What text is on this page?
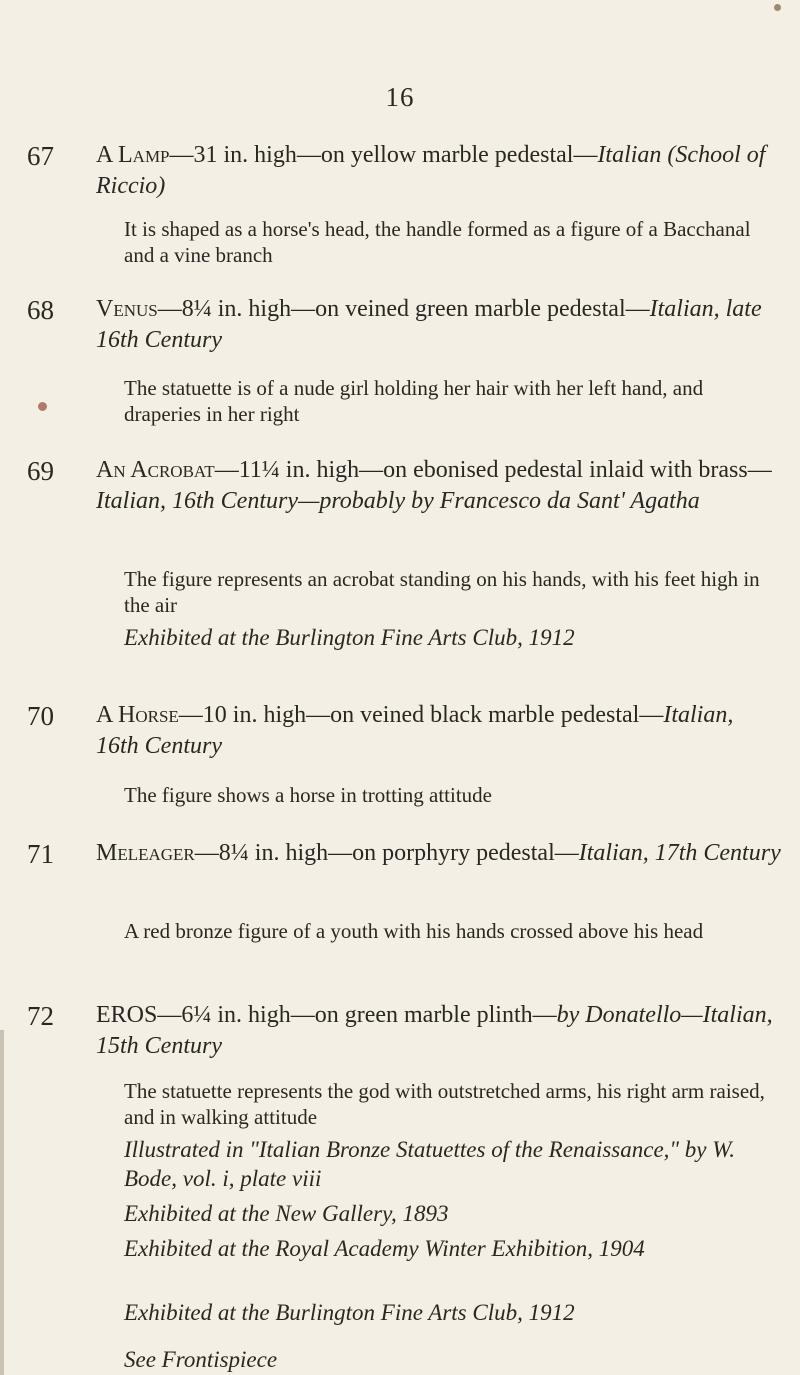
16
67 A Lamp—31 in. high—on yellow marble pedestal—Italian (School of Riccio)
It is shaped as a horse's head, the handle formed as a figure of a Bacchanal and a vine branch
68 Venus—8¼ in. high—on veined green marble pedestal—Italian, late 16th Century
The statuette is of a nude girl holding her hair with her left hand, and draperies in her right
69 An Acrobat—11¼ in. high—on ebonised pedestal inlaid with brass—Italian, 16th Century—probably by Francesco da Sant' Agatha
The figure represents an acrobat standing on his hands, with his feet high in the air
Exhibited at the Burlington Fine Arts Club, 1912
70 A Horse—10 in. high—on veined black marble pedestal—Italian, 16th Century
The figure shows a horse in trotting attitude
71 Meleager—8¼ in. high—on porphyry pedestal—Italian, 17th Century
A red bronze figure of a youth with his hands crossed above his head
72 EROS—6¼ in. high—on green marble plinth—by Donatello—Italian, 15th Century
The statuette represents the god with outstretched arms, his right arm raised, and in walking attitude
Illustrated in "Italian Bronze Statuettes of the Renaissance," by W. Bode, vol. i, plate viii
Exhibited at the New Gallery, 1893
Exhibited at the Royal Academy Winter Exhibition, 1904
Exhibited at the Burlington Fine Arts Club, 1912
See Frontispiece
